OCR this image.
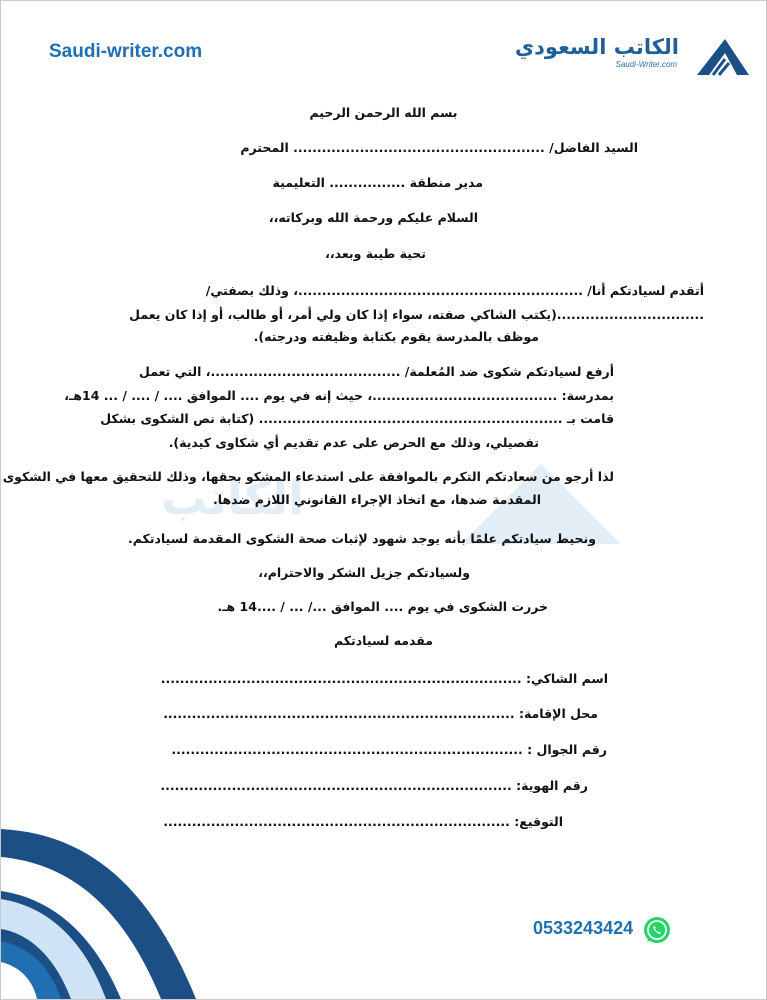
Saudi-writer.com	الكاتب السعودي
Saudi-Writer.com
الكاتب
بسم الله الرحمن الرحيم
السيد الفاضل/ ..................................................... المحترم
مدير منطقة ................ التعليمية
السلام عليكم ورحمة الله وبركاته،،
تحية طيبة وبعد،،
أتقدم لسيادتكم أنا/ ............................................................، وذلك بصفتي/
...............................(يكتب الشاكي صفته، سواء إذا كان ولي أمر، أو طالب، أو إذا كان يعمل
موظف بالمدرسة يقوم بكتابة وظيفته ودرجته).
أرفع لسيادتكم شكوى ضد المُعلمة/ ........................................، التي تعمل
بمدرسة: .......................................، حيث إنه في يوم .... الموافق .... / .... / ... 14هـ،
قامت بـ ................................................................ (كتابة نص الشكوى بشكل
تفصيلي، وذلك مع الحرص على عدم تقديم أي شكاوى كيدية).
لذا أرجو من سعادتكم التكرم بالموافقة على استدعاء المشكو بحقها، وذلك للتحقيق معها في الشكوى
المقدمة ضدها، مع اتخاذ الإجراء القانوني اللازم ضدها.
ونحيط سيادتكم علمًا بأنه يوجد شهود لإثبات صحة الشكوى المقدمة لسيادتكم.
ولسيادتكم جزيل الشكر والاحترام،،
خررت الشكوى في يوم .... الموافق .../ ... / ....14 هـ.
مقدمه لسيادتكم
اسم الشاكي: ............................................................................
محل الإقامة: ..........................................................................
رقم الجوال : ..........................................................................
رقم الهوية: ..........................................................................
التوقيع: .........................................................................
0533243424
